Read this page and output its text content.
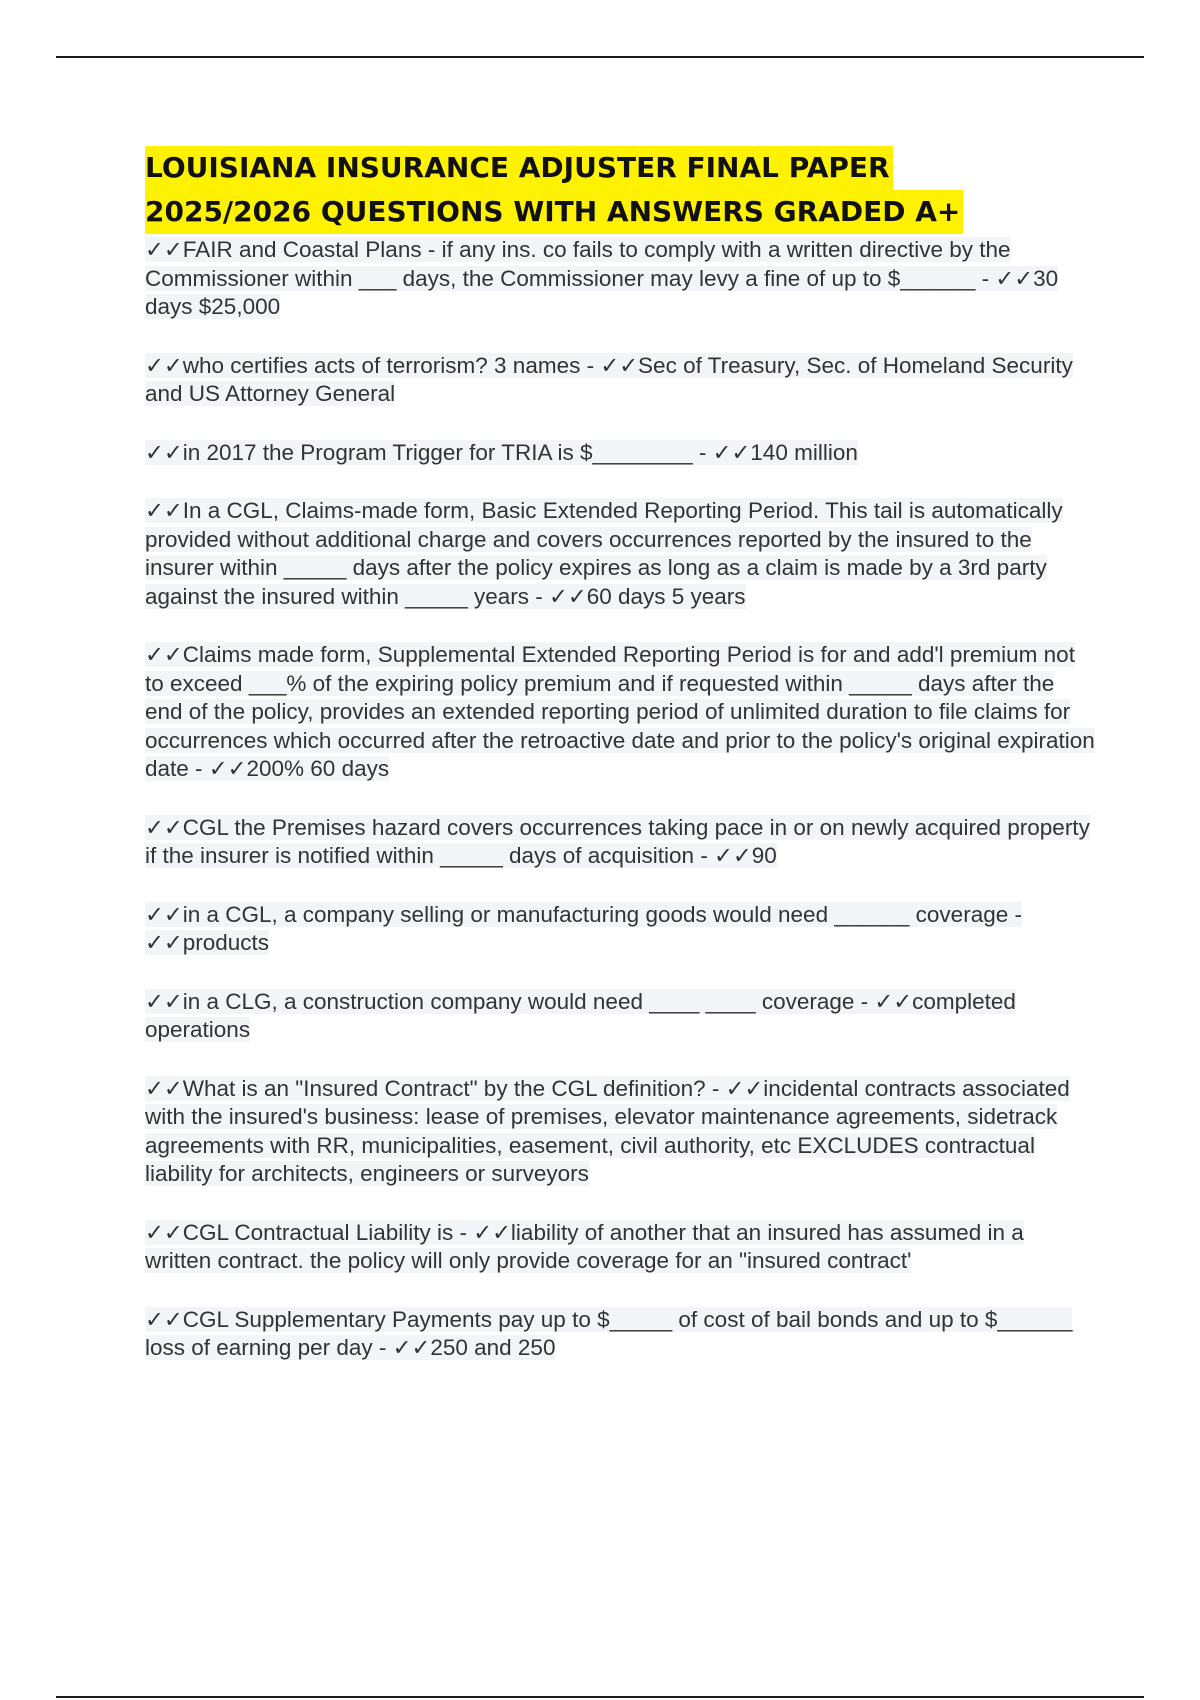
LOUISIANA INSURANCE ADJUSTER FINAL PAPER
2025/2026 QUESTIONS WITH ANSWERS GRADED A+

✓✓FAIR and Coastal Plans - if any ins. co fails to comply with a written directive by the Commissioner within ___ days, the Commissioner may levy a fine of up to $______ - ✓✓30 days $25,000

✓✓who certifies acts of terrorism? 3 names - ✓✓Sec of Treasury, Sec. of Homeland Security and US Attorney General

✓✓in 2017 the Program Trigger for TRIA is $________ - ✓✓140 million

✓✓In a CGL, Claims-made form, Basic Extended Reporting Period. This tail is automatically provided without additional charge and covers occurrences reported by the insured to the insurer within _____ days after the policy expires as long as a claim is made by a 3rd party against the insured within _____ years - ✓✓60 days 5 years

✓✓Claims made form, Supplemental Extended Reporting Period is for and add'l premium not to exceed ___% of the expiring policy premium and if requested within _____ days after the end of the policy, provides an extended reporting period of unlimited duration to file claims for occurrences which occurred after the retroactive date and prior to the policy's original expiration date - ✓✓200% 60 days

✓✓CGL the Premises hazard covers occurrences taking pace in or on newly acquired property if the insurer is notified within _____ days of acquisition - ✓✓90

✓✓in a CGL, a company selling or manufacturing goods would need ______ coverage - ✓✓products

✓✓in a CLG, a construction company would need ____ ____ coverage - ✓✓completed operations

✓✓What is an "Insured Contract" by the CGL definition? - ✓✓incidental contracts associated with the insured's business: lease of premises, elevator maintenance agreements, sidetrack agreements with RR, municipalities, easement, civil authority, etc EXCLUDES contractual liability for architects, engineers or surveyors

✓✓CGL Contractual Liability is - ✓✓liability of another that an insured has assumed in a written contract. the policy will only provide coverage for an "insured contract'

✓✓CGL Supplementary Payments pay up to $_____ of cost of bail bonds and up to $______ loss of earning per day - ✓✓250 and 250
